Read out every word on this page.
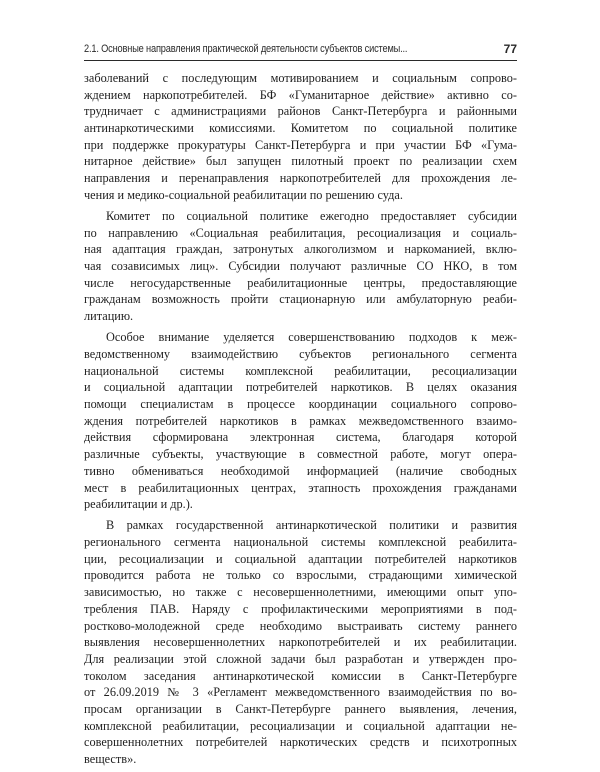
2.1. Основные направления практической деятельности субъектов системы...	77
заболеваний с последующим мотивированием и социальным сопрово-
ждением наркопотребителей. БФ «Гуманитарное действие» активно со-
трудничает с администрациями районов Санкт-Петербурга и районными
антинаркотическими комиссиями. Комитетом по социальной политике
при поддержке прокуратуры Санкт-Петербурга и при участии БФ «Гума-
нитарное действие» был запущен пилотный проект по реализации схем
направления и перенаправления наркопотребителей для прохождения ле-
чения и медико-социальной реабилитации по решению суда.
Комитет по социальной политике ежегодно предоставляет субсидии
по направлению «Социальная реабилитация, ресоциализация и социаль-
ная адаптация граждан, затронутых алкоголизмом и наркоманией, вклю-
чая созависимых лиц». Субсидии получают различные СО НКО, в том
числе негосударственные реабилитационные центры, предоставляющие
гражданам возможность пройти стационарную или амбулаторную реаби-
литацию.
Особое внимание уделяется совершенствованию подходов к меж-
ведомственному взаимодействию субъектов регионального сегмента
национальной системы комплексной реабилитации, ресоциализации
и социальной адаптации потребителей наркотиков. В целях оказания
помощи специалистам в процессе координации социального сопрово-
ждения потребителей наркотиков в рамках межведомственного взаимо-
действия сформирована электронная система, благодаря которой
различные субъекты, участвующие в совместной работе, могут опера-
тивно обмениваться необходимой информацией (наличие свободных
мест в реабилитационных центрах, этапность прохождения гражданами
реабилитации и др.).
В рамках государственной антинаркотической политики и развития
регионального сегмента национальной системы комплексной реабилита-
ции, ресоциализации и социальной адаптации потребителей наркотиков
проводится работа не только со взрослыми, страдающими химической
зависимостью, но также с несовершеннолетними, имеющими опыт упо-
требления ПАВ. Наряду с профилактическими мероприятиями в под-
ростково-молодежной среде необходимо выстраивать систему раннего
выявления несовершеннолетних наркопотребителей и их реабилитации.
Для реализации этой сложной задачи был разработан и утвержден про-
токолом заседания антинаркотической комиссии в Санкт-Петербурге
от 26.09.2019 № 3 «Регламент межведомственного взаимодействия по во-
просам организации в Санкт-Петербурге раннего выявления, лечения,
комплексной реабилитации, ресоциализации и социальной адаптации не-
совершеннолетних потребителей наркотических средств и психотропных
веществ».
